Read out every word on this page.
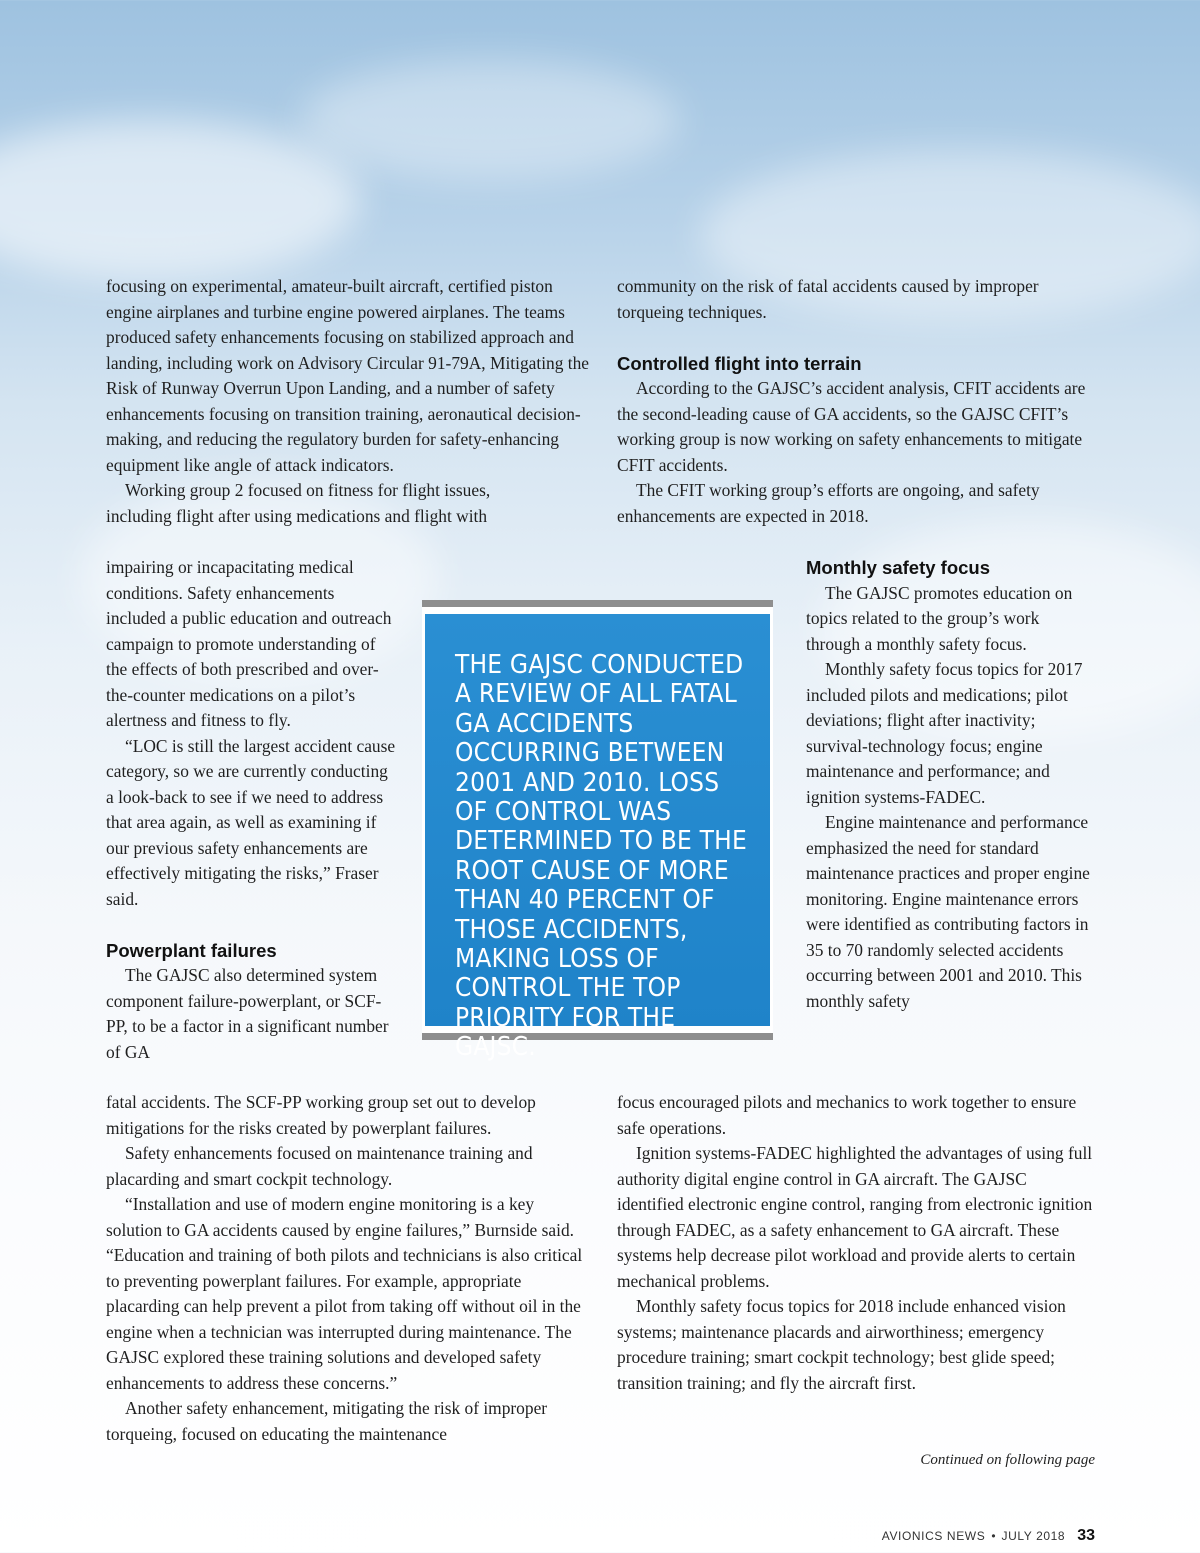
focusing on experimental, amateur-built aircraft, certified piston engine airplanes and turbine engine powered airplanes. The teams produced safety enhancements focusing on stabilized approach and landing, including work on Advisory Circular 91-79A, Mitigating the Risk of Runway Overrun Upon Landing, and a number of safety enhancements focusing on transition training, aeronautical decision-making, and reducing the regulatory burden for safety-enhancing equipment like angle of attack indicators.

Working group 2 focused on fitness for flight issues,

including flight after using medications and flight with

impairing or incapacitating medical conditions. Safety enhancements included a public education and outreach campaign to promote understanding of the effects of both prescribed and over-the-counter medications on a pilot’s alertness and fitness to fly.

“LOC is still the largest accident cause category, so we are currently conducting a look-back to see if we need to address that area again, as well as examining if our previous safety enhancements are effectively mitigating the risks,” Fraser said.

Powerplant failures

The GAJSC also determined system component failure-powerplant, or SCF-PP, to be a factor in a significant number of GA

fatal accidents. The SCF-PP working group set out to develop mitigations for the risks created by powerplant failures.

Safety enhancements focused on maintenance training and placarding and smart cockpit technology.

“Installation and use of modern engine monitoring is a key solution to GA accidents caused by engine failures,” Burnside said. “Education and training of both pilots and technicians is also critical to preventing powerplant failures. For example, appropriate placarding can help prevent a pilot from taking off without oil in the engine when a technician was interrupted during maintenance. The GAJSC explored these training solutions and developed safety enhancements to address these concerns.”

Another safety enhancement, mitigating the risk of improper torqueing, focused on educating the maintenance

community on the risk of fatal accidents caused by improper torqueing techniques.

Controlled flight into terrain

According to the GAJSC’s accident analysis, CFIT accidents are the second-leading cause of GA accidents, so the GAJSC CFIT’s working group is now working on safety enhancements to mitigate CFIT accidents.

The CFIT working group’s efforts are ongoing, and safety enhancements are expected in 2018.

Monthly safety focus

The GAJSC promotes education on topics related to the group’s work through a monthly safety focus.

Monthly safety focus topics for 2017 included pilots and medications; pilot deviations; flight after inactivity; survival-technology focus; engine maintenance and performance; and ignition systems-FADEC.

Engine maintenance and performance emphasized the need for standard maintenance practices and proper engine monitoring. Engine maintenance errors were identified as contributing factors in 35 to 70 randomly selected accidents occurring between 2001 and 2010. This monthly safety

focus encouraged pilots and mechanics to work together to ensure safe operations.

Ignition systems-FADEC highlighted the advantages of using full authority digital engine control in GA aircraft. The GAJSC identified electronic engine control, ranging from electronic ignition through FADEC, as a safety enhancement to GA aircraft. These systems help decrease pilot workload and provide alerts to certain mechanical problems.

Monthly safety focus topics for 2018 include enhanced vision systems; maintenance placards and airworthiness; emergency procedure training; smart cockpit technology; best glide speed; transition training; and fly the aircraft first.

THE GAJSC CONDUCTED A REVIEW OF ALL FATAL GA ACCIDENTS OCCURRING BETWEEN 2001 AND 2010. LOSS OF CONTROL WAS DETERMINED TO BE THE ROOT CAUSE OF MORE THAN 40 PERCENT OF THOSE ACCIDENTS, MAKING LOSS OF CONTROL THE TOP PRIORITY FOR THE GAJSC.
Continued on following page
AVIONICS NEWS • JULY 2018 33
